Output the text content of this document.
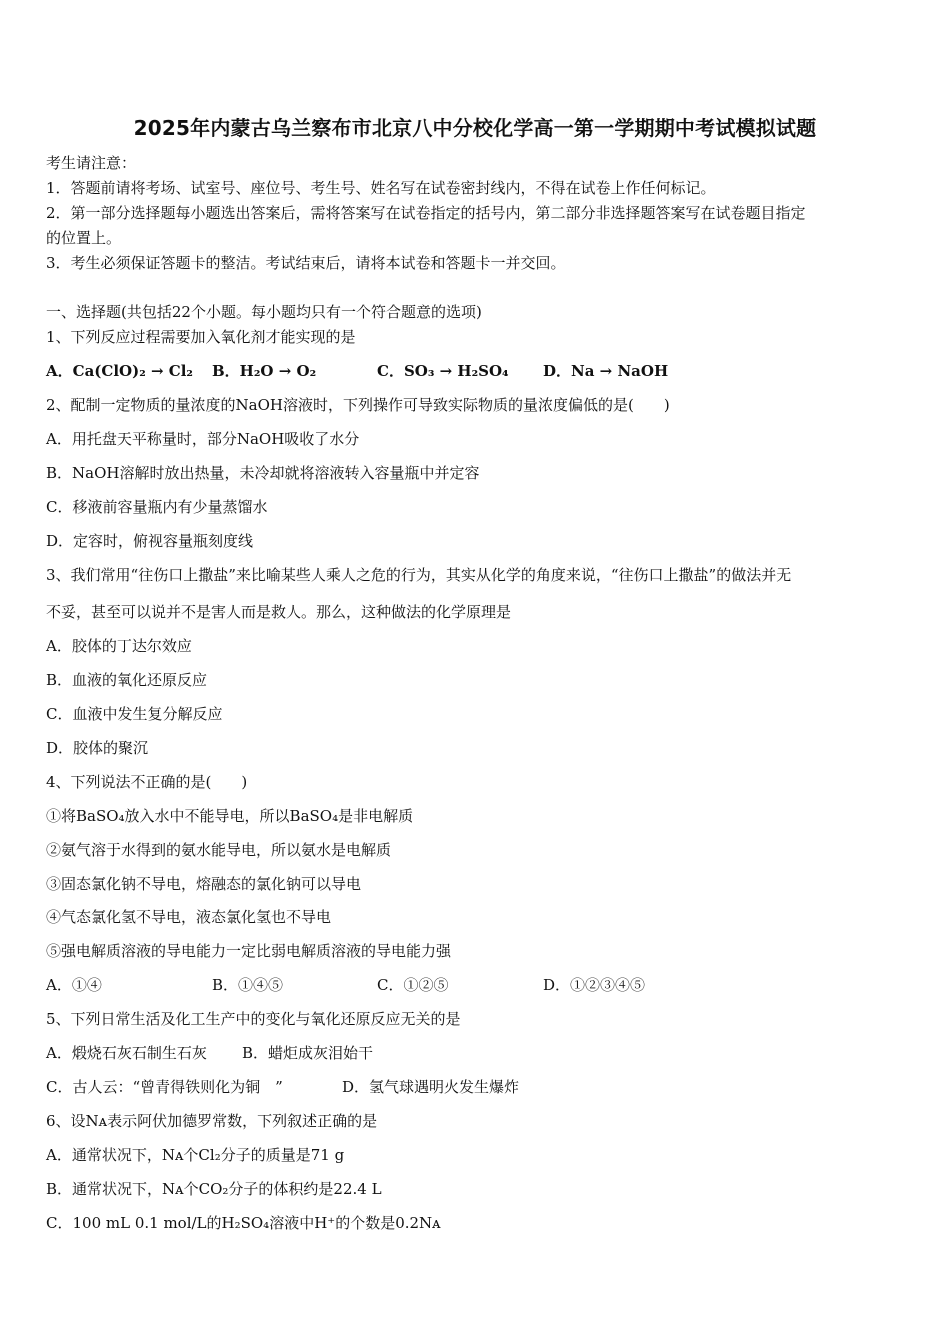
2025年内蒙古乌兰察布市北京八中分校化学高一第一学期期中考试模拟试题
考生请注意：
1．答题前请将考场、试室号、座位号、考生号、姓名写在试卷密封线内，不得在试卷上作任何标记。
2．第一部分选择题每小题选出答案后，需将答案写在试卷指定的括号内，第二部分非选择题答案写在试卷题目指定
的位置上。
3．考生必须保证答题卡的整洁。考试结束后，请将本试卷和答题卡一并交回。
一、选择题(共包括22个小题。每小题均只有一个符合题意的选项)
1、下列反应过程需要加入氧化剂才能实现的是
A．Ca(ClO)₂ → Cl₂ B．H₂O → O₂	C．SO₃ → H₂SO₄ D．Na → NaOH
2、配制一定物质的量浓度的NaOH溶液时，下列操作可导致实际物质的量浓度偏低的是(　　)
A．用托盘天平称量时，部分NaOH吸收了水分
B．NaOH溶解时放出热量，未冷却就将溶液转入容量瓶中并定容
C．移液前容量瓶内有少量蒸馏水
D．定容时，俯视容量瓶刻度线
3、我们常用“往伤口上撒盐”来比喻某些人乘人之危的行为，其实从化学的角度来说，“往伤口上撒盐”的做法并无
不妥，甚至可以说并不是害人而是救人。那么，这种做法的化学原理是
A．胶体的丁达尔效应
B．血液的氧化还原反应
C．血液中发生复分解反应
D．胶体的聚沉
4、下列说法不正确的是(　　)
①将BaSO₄放入水中不能导电，所以BaSO₄是非电解质
②氨气溶于水得到的氨水能导电，所以氨水是电解质
③固态氯化钠不导电，熔融态的氯化钠可以导电
④气态氯化氢不导电，液态氯化氢也不导电
⑤强电解质溶液的导电能力一定比弱电解质溶液的导电能力强
A．①④	B．①④⑤	C．①②⑤	D．①②③④⑤
5、下列日常生活及化工生产中的变化与氧化还原反应无关的是
A．煅烧石灰石制生石灰 B．蜡炬成灰泪始干
C．古人云：“曾青得铁则化为铜　”	D．氢气球遇明火发生爆炸
6、设Nᴀ表示阿伏加德罗常数，下列叙述正确的是
A．通常状况下，Nᴀ个Cl₂分子的质量是71 g
B．通常状况下，Nᴀ个CO₂分子的体积约是22.4 L
C．100 mL 0.1 mol/L的H₂SO₄溶液中H⁺的个数是0.2Nᴀ
